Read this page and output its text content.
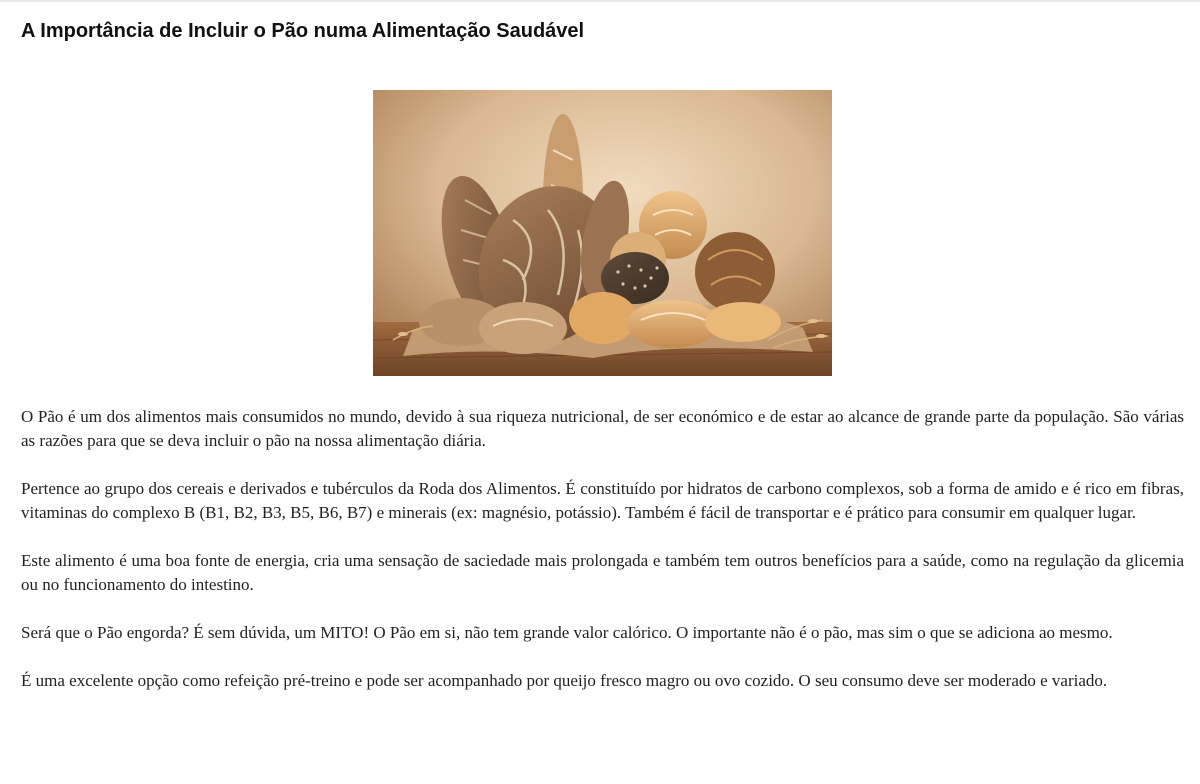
A Importância de Incluir o Pão numa Alimentação Saudável

O Pão é um dos alimentos mais consumidos no mundo, devido à sua riqueza nutricional, de ser económico e de estar ao alcance de grande parte da população. São várias as razões para que se deva incluir o pão na nossa alimentação diária.

Pertence ao grupo dos cereais e derivados e tubérculos da Roda dos Alimentos. É constituído por hidratos de carbono complexos, sob a forma de amido e é rico em fibras, vitaminas do complexo B (B1, B2, B3, B5, B6, B7) e minerais (ex: magnésio, potássio). Também é fácil de transportar e é prático para consumir em qualquer lugar.

Este alimento é uma boa fonte de energia, cria uma sensação de saciedade mais prolongada e também tem outros benefícios para a saúde, como na regulação da glicemia ou no funcionamento do intestino.

Será que o Pão engorda? É sem dúvida, um MITO! O Pão em si, não tem grande valor calórico. O importante não é o pão, mas sim o que se adiciona ao mesmo.

É uma excelente opção como refeição pré-treino e pode ser acompanhado por queijo fresco magro ou ovo cozido. O seu consumo deve ser moderado e variado.
